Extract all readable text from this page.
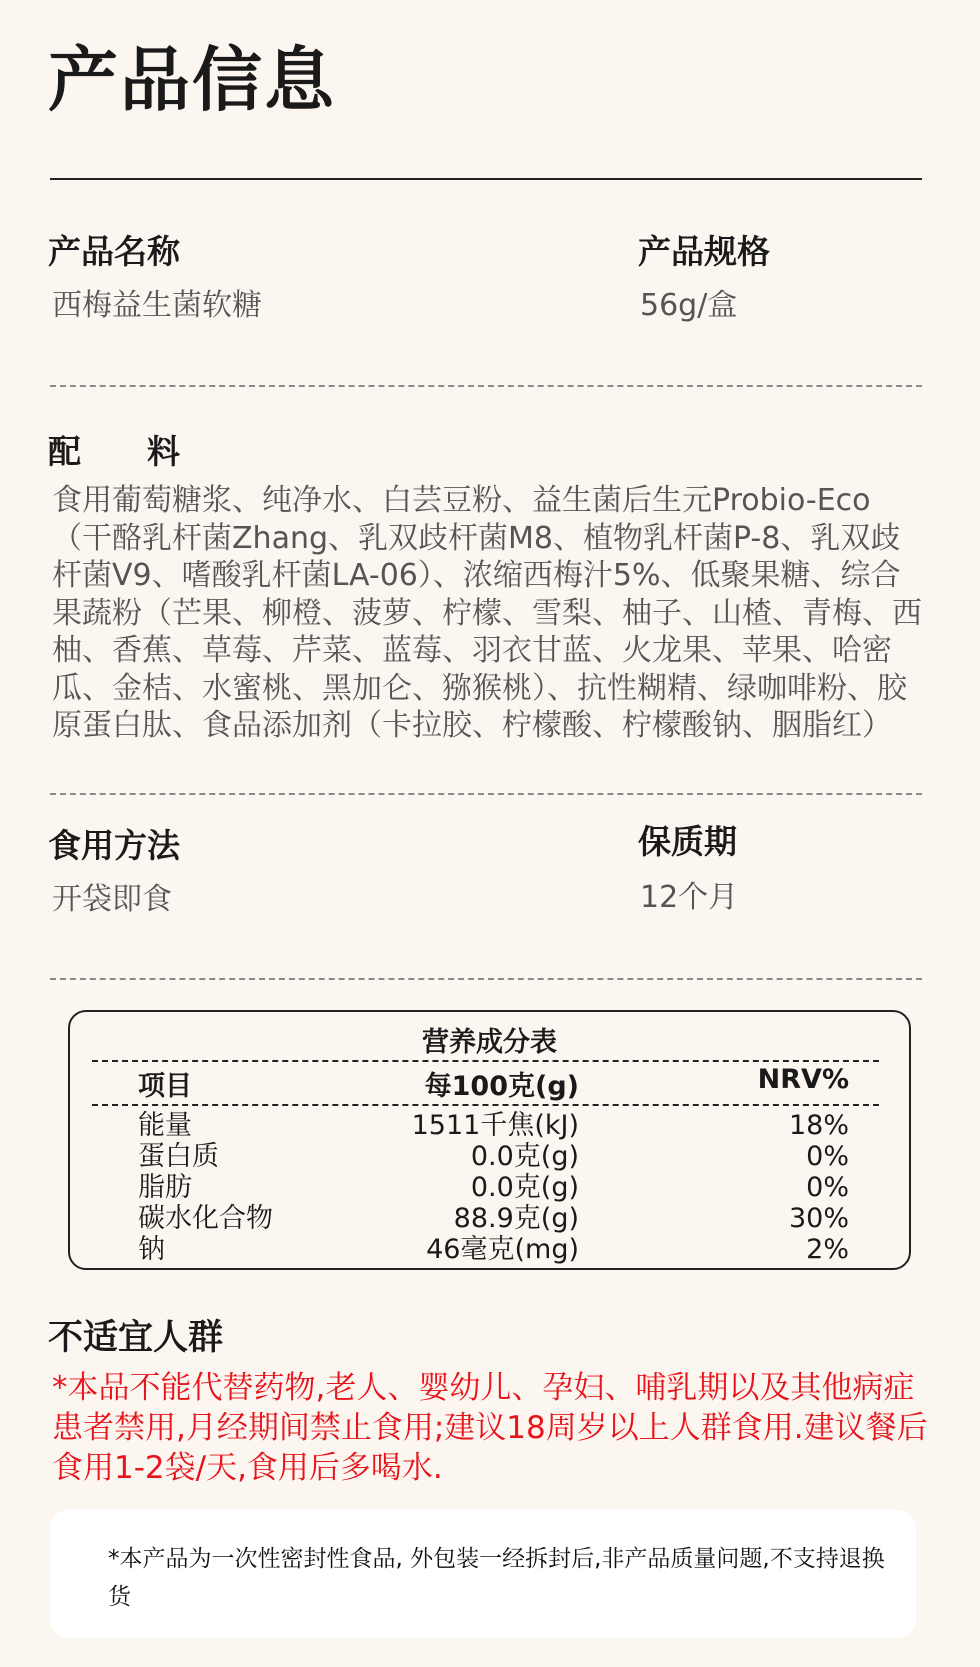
产品信息
产品名称
西梅益生菌软糖
产品规格
56g/盒
配　　料
食用葡萄糖浆、纯净水、白芸豆粉、益生菌后生元Probio-Eco（干酪乳杆菌Zhang、乳双歧杆菌M8、植物乳杆菌P-8、乳双歧杆菌V9、嗜酸乳杆菌LA-06）、浓缩西梅汁5%、低聚果糖、综合果蔬粉（芒果、柳橙、菠萝、柠檬、雪梨、柚子、山楂、青梅、西柚、香蕉、草莓、芹菜、蓝莓、羽衣甘蓝、火龙果、苹果、哈密瓜、金桔、水蜜桃、黑加仑、猕猴桃）、抗性糊精、绿咖啡粉、胶原蛋白肽、食品添加剂（卡拉胶、柠檬酸、柠檬酸钠、胭脂红）
食用方法
开袋即食
保质期
12个月
营养成分表
项目	每100克(g)	NRV%
能量	1511千焦(kJ)	18%
蛋白质	0.0克(g)	0%
脂肪	0.0克(g)	0%
碳水化合物	88.9克(g)	30%
钠	46毫克(mg)	2%
不适宜人群
*本品不能代替药物,老人、婴幼儿、孕妇、哺乳期以及其他病症患者禁用,月经期间禁止食用;建议18周岁以上人群食用.建议餐后食用1-2袋/天,食用后多喝水.
*本产品为一次性密封性食品, 外包装一经拆封后,非产品质量问题,不支持退换货
